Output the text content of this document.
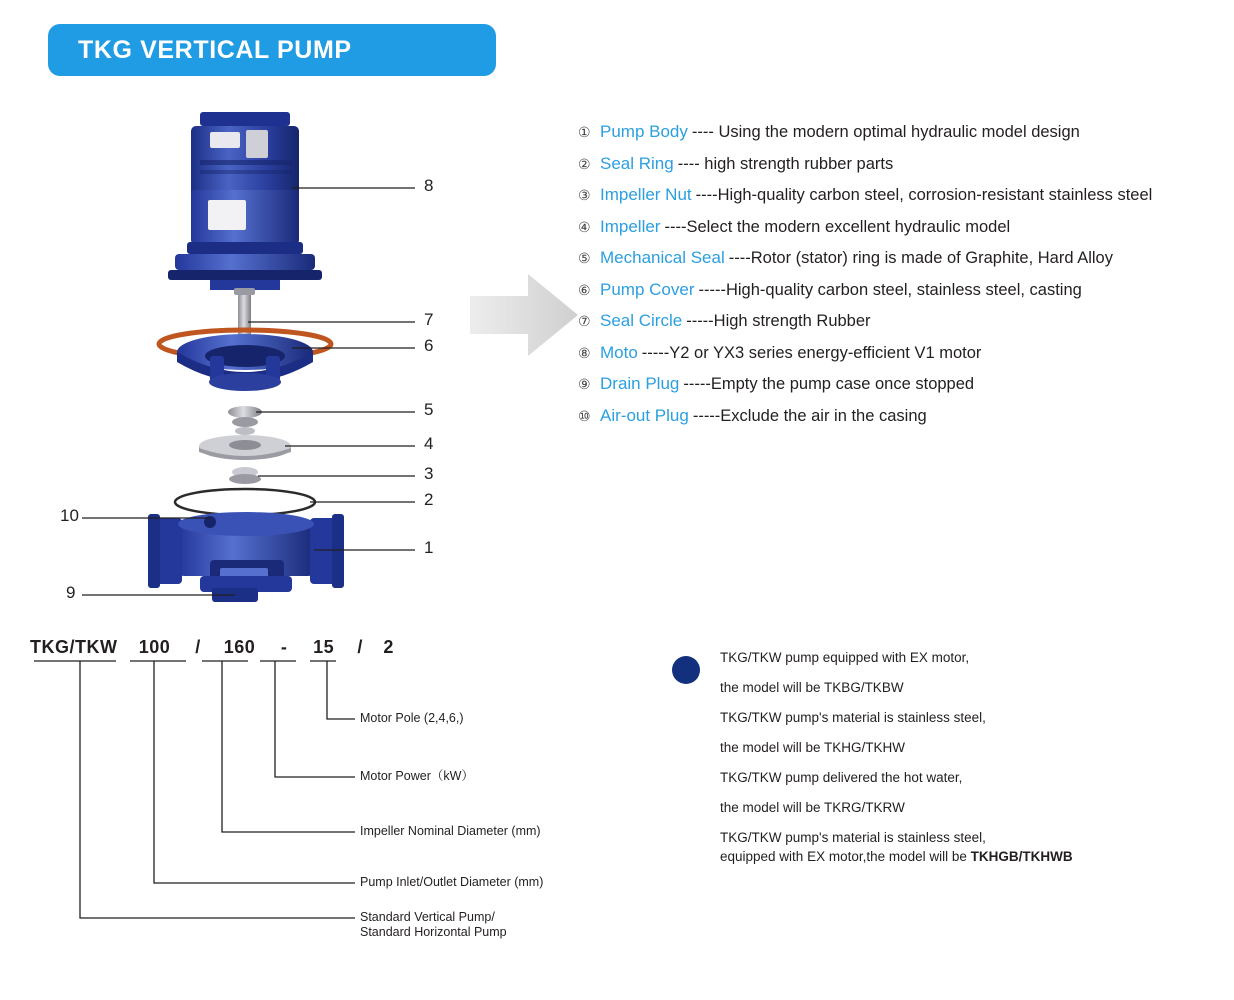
TKG VERTICAL PUMP
8
7
6
5
4
3
2
1
10
9
① Pump Body ---- Using the modern optimal hydraulic model design
② Seal Ring ---- high strength rubber parts
③ Impeller Nut ----High-quality carbon steel, corrosion-resistant stainless steel
④ Impeller ----Select the modern excellent hydraulic model
⑤ Mechanical Seal ----Rotor (stator) ring is made of Graphite, Hard Alloy
⑥ Pump Cover -----High-quality carbon steel, stainless steel, casting
⑦ Seal Circle -----High strength Rubber
⑧ Moto -----Y2 or YX3 series energy-efficient V1 motor
⑨ Drain Plug -----Empty the pump case once stopped
⑩ Air-out Plug -----Exclude the air in the casing
TKG/TKW 100 / 160 - 15 / 2
Motor Pole (2,4,6,)
Motor Power（kW）
Impeller Nominal Diameter (mm)
Pump Inlet/Outlet Diameter (mm)
Standard Vertical Pump/
Standard Horizontal Pump
TKG/TKW pump equipped with EX motor,
the model will be TKBG/TKBW
TKG/TKW pump's material is stainless steel,
the model will be TKHG/TKHW
TKG/TKW pump delivered the hot water,
the model will be TKRG/TKRW
TKG/TKW pump's material is stainless steel,
equipped with EX motor,the model will be TKHGB/TKHWB
